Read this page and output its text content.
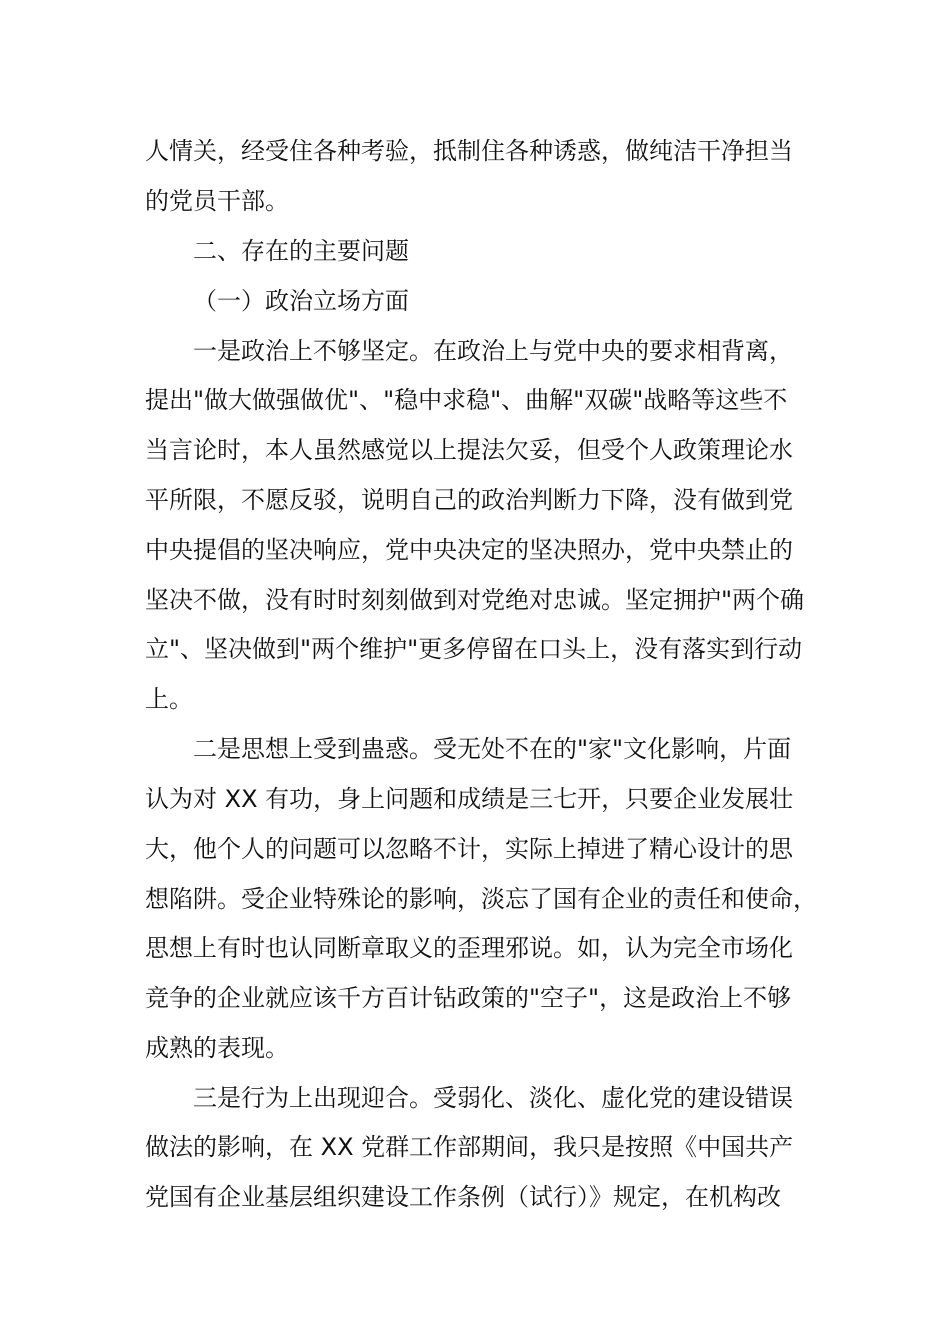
人情关，经受住各种考验，抵制住各种诱惑，做纯洁干净担当
的党员干部。
二、存在的主要问题
（一）政治立场方面
一是政治上不够坚定。在政治上与党中央的要求相背离，
提出"做大做强做优"、"稳中求稳"、曲解"双碳"战略等这些不
当言论时，本人虽然感觉以上提法欠妥，但受个人政策理论水
平所限，不愿反驳，说明自己的政治判断力下降，没有做到党
中央提倡的坚决响应，党中央决定的坚决照办，党中央禁止的
坚决不做，没有时时刻刻做到对党绝对忠诚。坚定拥护"两个确
立"、坚决做到"两个维护"更多停留在口头上，没有落实到行动
上。
二是思想上受到蛊惑。受无处不在的"家"文化影响，片面
认为对 XX 有功，身上问题和成绩是三七开，只要企业发展壮
大，他个人的问题可以忽略不计，实际上掉进了精心设计的思
想陷阱。受企业特殊论的影响，淡忘了国有企业的责任和使命，
思想上有时也认同断章取义的歪理邪说。如，认为完全市场化
竞争的企业就应该千方百计钻政策的"空子"，这是政治上不够
成熟的表现。
三是行为上出现迎合。受弱化、淡化、虚化党的建设错误
做法的影响，在 XX 党群工作部期间，我只是按照《中国共产
党国有企业基层组织建设工作条例（试行）》规定，在机构改
